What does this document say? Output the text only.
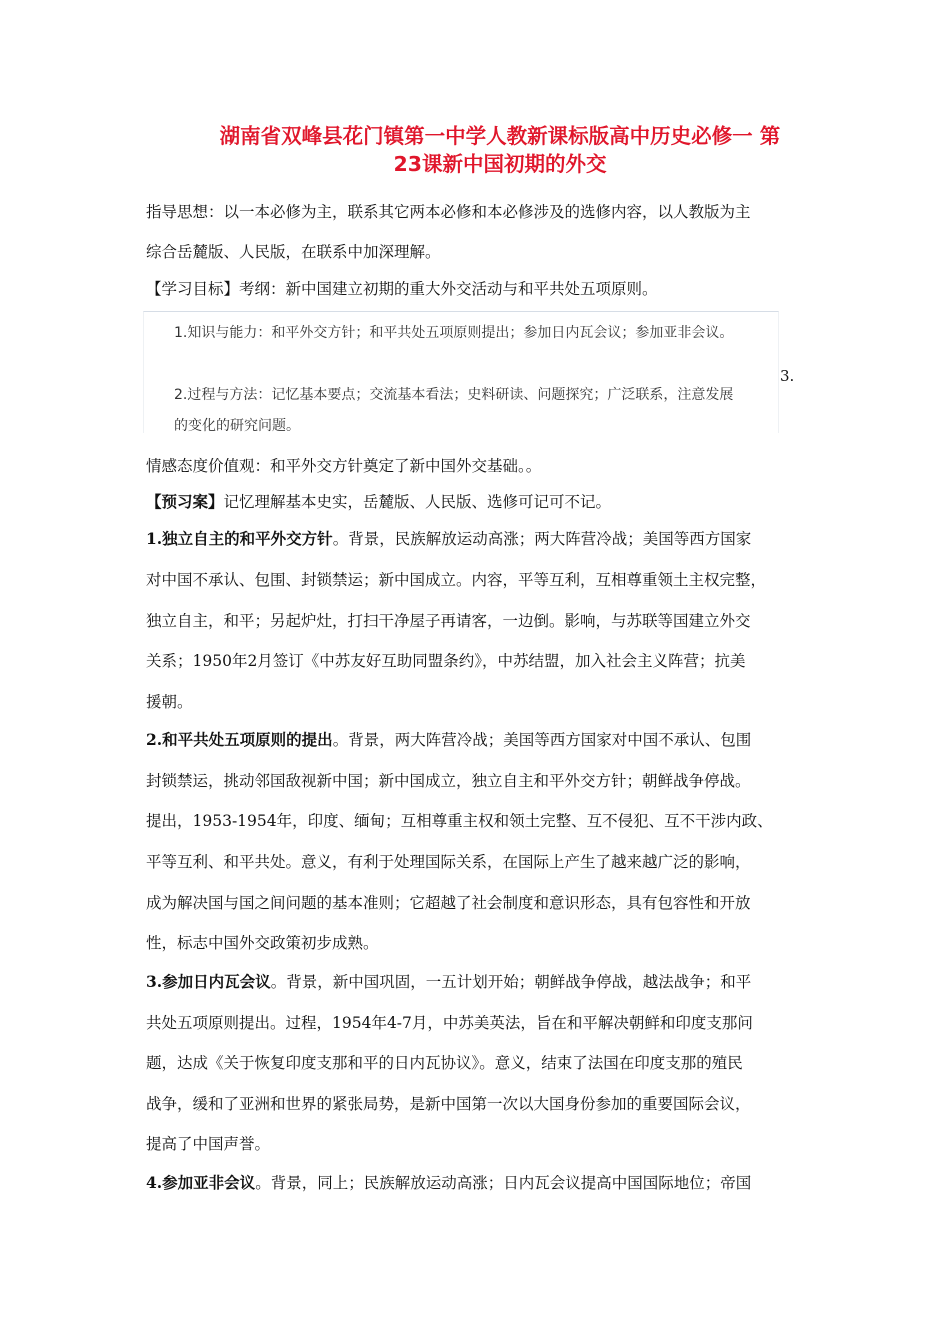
湖南省双峰县花门镇第一中学人教新课标版高中历史必修一 第
23课新中国初期的外交
指导思想：以一本必修为主，联系其它两本必修和本必修涉及的选修内容，以人教版为主
综合岳麓版、人民版，在联系中加深理解。
【学习目标】考纲：新中国建立初期的重大外交活动与和平共处五项原则。
1.知识与能力：和平外交方针；和平共处五项原则提出；参加日内瓦会议；参加亚非会议。
2.过程与方法：记忆基本要点；交流基本看法；史料研读、问题探究；广泛联系，注意发展
的变化的研究问题。
3.
情感态度价值观：和平外交方针奠定了新中国外交基础。。
【预习案】记忆理解基本史实，岳麓版、人民版、选修可记可不记。
1.独立自主的和平外交方针。背景，民族解放运动高涨；两大阵营冷战；美国等西方国家
对中国不承认、包围、封锁禁运；新中国成立。内容，平等互利，互相尊重领土主权完整，
独立自主，和平；另起炉灶，打扫干净屋子再请客，一边倒。影响，与苏联等国建立外交
关系；1950年2月签订《中苏友好互助同盟条约》，中苏结盟，加入社会主义阵营；抗美
援朝。
2.和平共处五项原则的提出。背景，两大阵营冷战；美国等西方国家对中国不承认、包围
封锁禁运，挑动邻国敌视新中国；新中国成立，独立自主和平外交方针；朝鲜战争停战。
提出，1953-1954年，印度、缅甸；互相尊重主权和领土完整、互不侵犯、互不干涉内政、
平等互利、和平共处。意义，有利于处理国际关系，在国际上产生了越来越广泛的影响，
成为解决国与国之间问题的基本准则；它超越了社会制度和意识形态，具有包容性和开放
性，标志中国外交政策初步成熟。
3.参加日内瓦会议。背景，新中国巩固，一五计划开始；朝鲜战争停战，越法战争；和平
共处五项原则提出。过程，1954年4-7月，中苏美英法，旨在和平解决朝鲜和印度支那问
题，达成《关于恢复印度支那和平的日内瓦协议》。意义，结束了法国在印度支那的殖民
战争，缓和了亚洲和世界的紧张局势，是新中国第一次以大国身份参加的重要国际会议，
提高了中国声誉。
4.参加亚非会议。背景，同上；民族解放运动高涨；日内瓦会议提高中国国际地位；帝国
